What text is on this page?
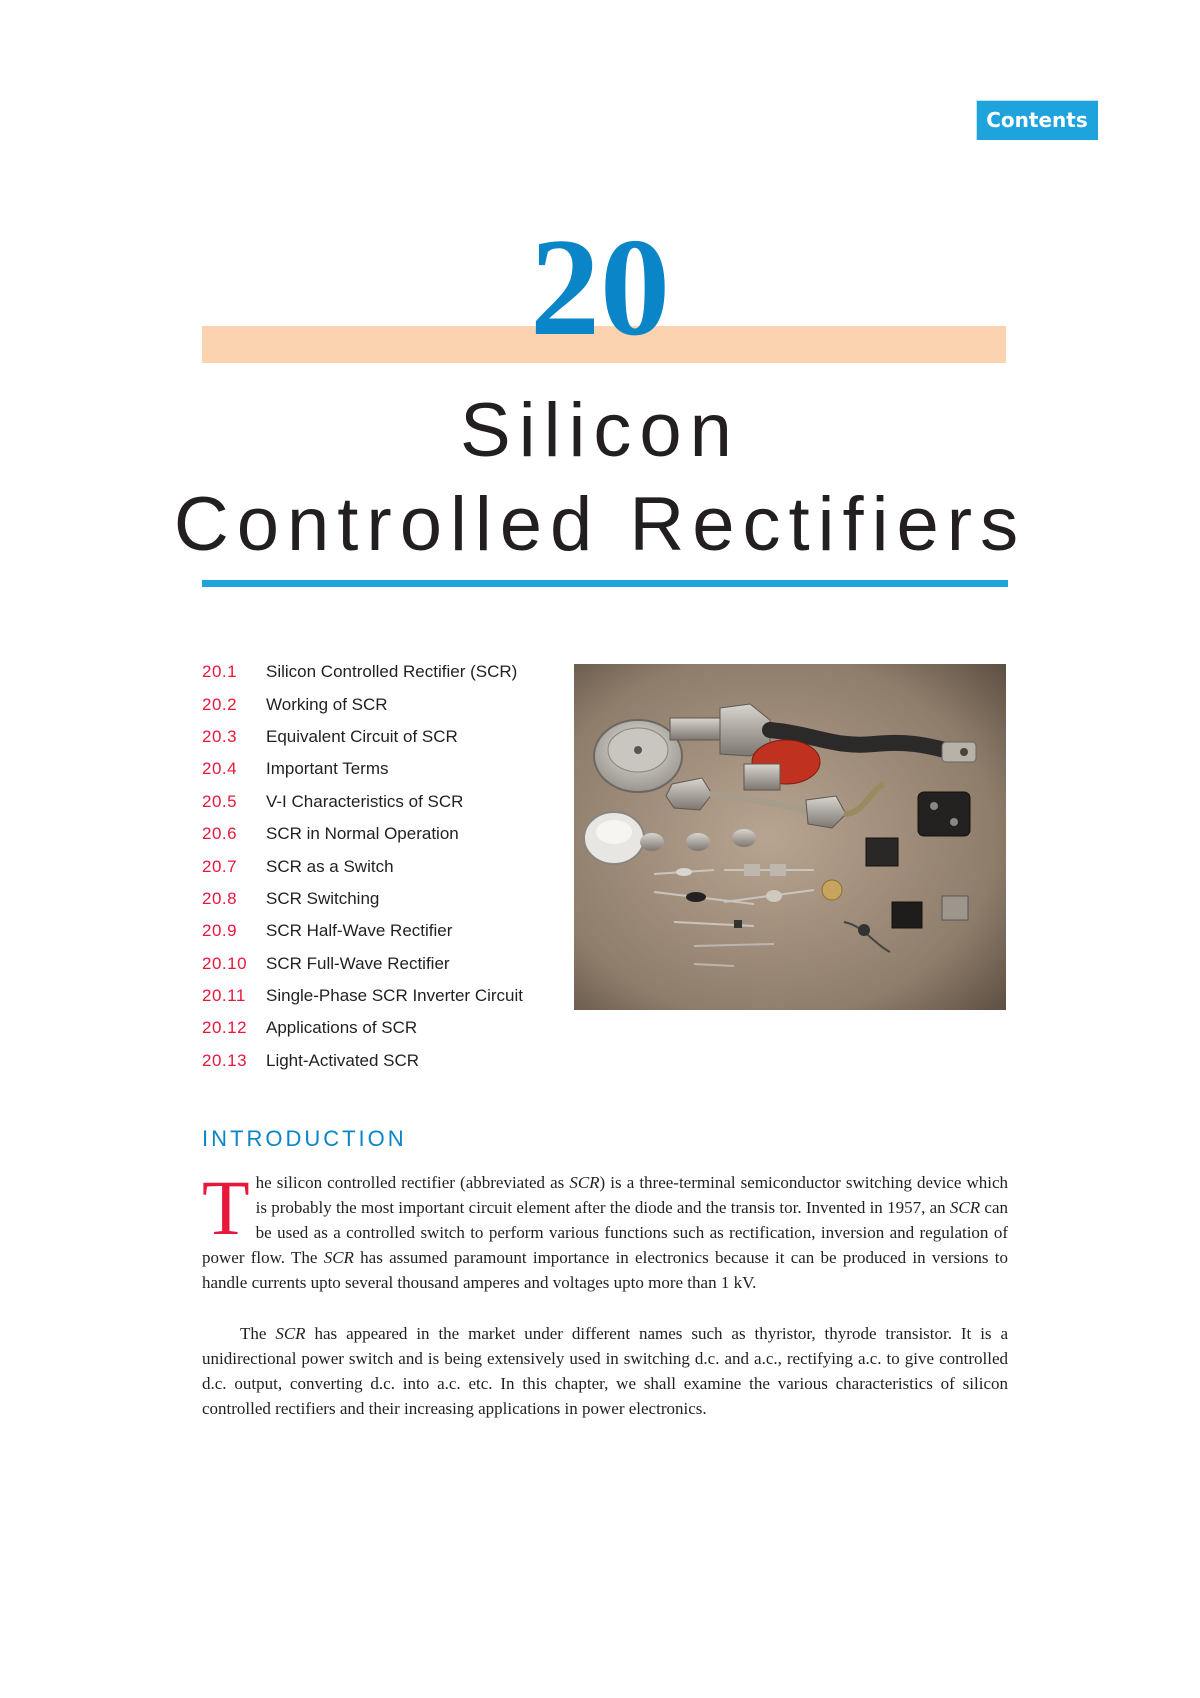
Contents
20
Silicon
Controlled Rectifiers
20.1	Silicon Controlled Rectifier (SCR)
20.2	Working of SCR
20.3	Equivalent Circuit of SCR
20.4	Important Terms
20.5	V-I Characteristics of SCR
20.6	SCR in Normal Operation
20.7	SCR as a Switch
20.8	SCR Switching
20.9	SCR Half-Wave Rectifier
20.10	SCR Full-Wave Rectifier
20.11	Single-Phase SCR Inverter Circuit
20.12	Applications of SCR
20.13	Light-Activated SCR
INTRODUCTION

The silicon controlled rectifier (abbreviated as SCR) is a three-terminal semiconductor switching device which is probably the most important circuit element after the diode and the transis tor. Invented in 1957, an SCR can be used as a controlled switch to perform various functions such as rectification, inversion and regulation of power flow. The SCR has assumed paramount importance in electronics because it can be produced in versions to handle currents upto several thousand amperes and voltages upto more than 1 kV.

The SCR has appeared in the market under different names such as thyristor, thyrode transistor. It is a unidirectional power switch and is being extensively used in switching d.c. and a.c., rectifying a.c. to give controlled d.c. output, converting d.c. into a.c. etc. In this chapter, we shall examine the various characteristics of silicon controlled rectifiers and their increasing applications in power electronics.
